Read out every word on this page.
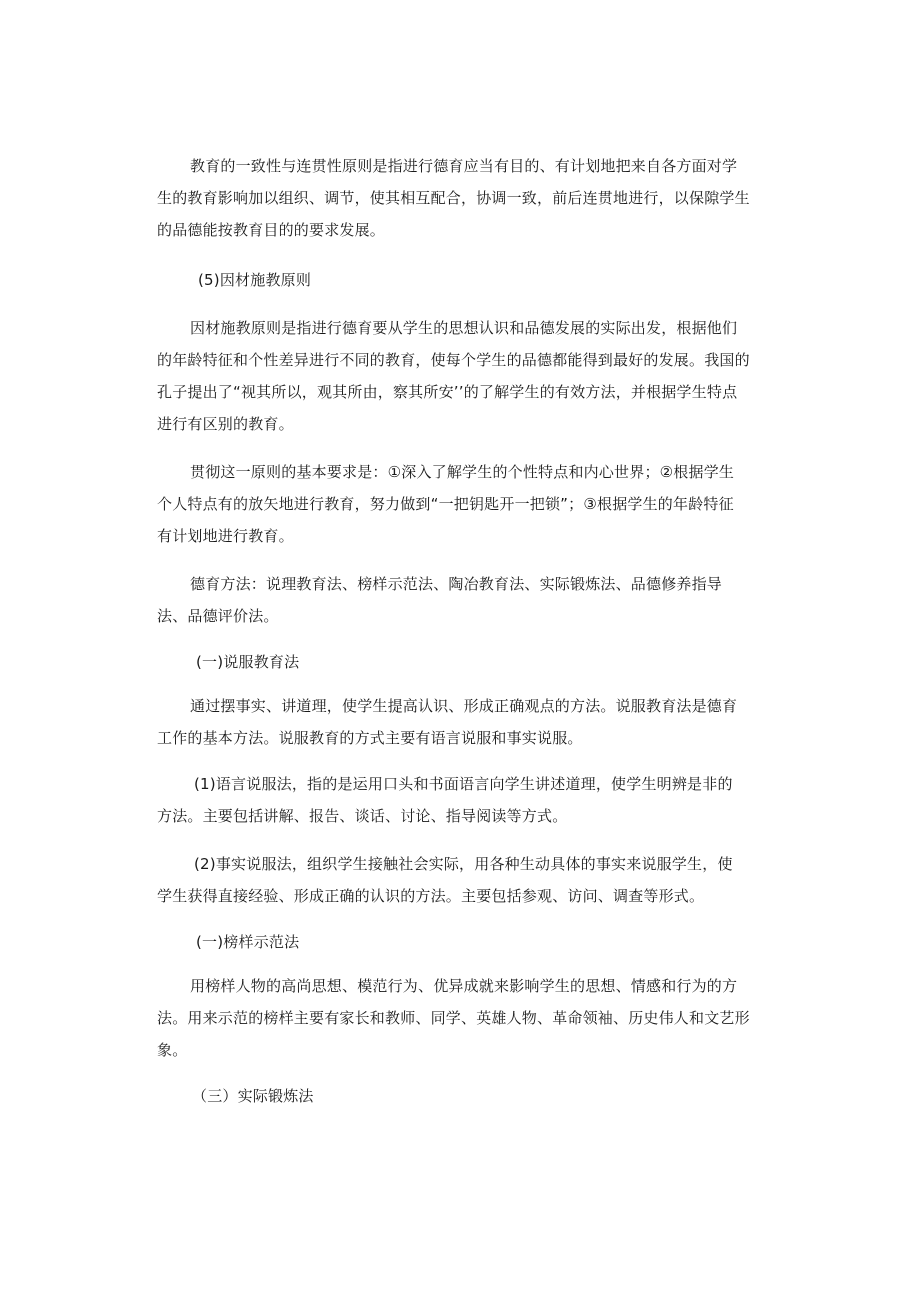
教育的一致性与连贯性原则是指进行德育应当有目的、有计划地把来自各方面对学
生的教育影响加以组织、调节，使其相互配合，协调一致，前后连贯地进行，以保隙学生
的品德能按教育目的的要求发展。
(5)因材施教原则
因材施教原则是指进行德育要从学生的思想认识和品德发展的实际出发，根据他们
的年龄特征和个性差异进行不同的教育，使每个学生的品德都能得到最好的发展。我国的
孔子提出了“视其所以，观其所由，察其所安’’的了解学生的有效方法，并根据学生特点
进行有区别的教育。
贯彻这一原则的基本要求是：①深入了解学生的个性特点和内心世界；②根据学生
个人特点有的放矢地进行教育，努力做到“一把钥匙开一把锁”；③根据学生的年龄特征
有计划地进行教育。
德育方法：说理教育法、榜样示范法、陶冶教育法、实际锻炼法、品德修养指导
法、品德评价法。
(一)说服教育法
通过摆事实、讲道理，使学生提高认识、形成正确观点的方法。说服教育法是德育
工作的基本方法。说服教育的方式主要有语言说服和事实说服。
(1)语言说服法，指的是运用口头和书面语言向学生讲述道理，使学生明辨是非的
方法。主要包括讲解、报告、谈话、讨论、指导阅读等方式。
(2)事实说服法，组织学生接触社会实际，用各种生动具体的事实来说服学生，使
学生获得直接经验、形成正确的认识的方法。主要包括参观、访问、调查等形式。
(一)榜样示范法
用榜样人物的高尚思想、模范行为、优异成就来影响学生的思想、情感和行为的方
法。用来示范的榜样主要有家长和教师、同学、英雄人物、革命领袖、历史伟人和文艺形
象。
（三）实际锻炼法
